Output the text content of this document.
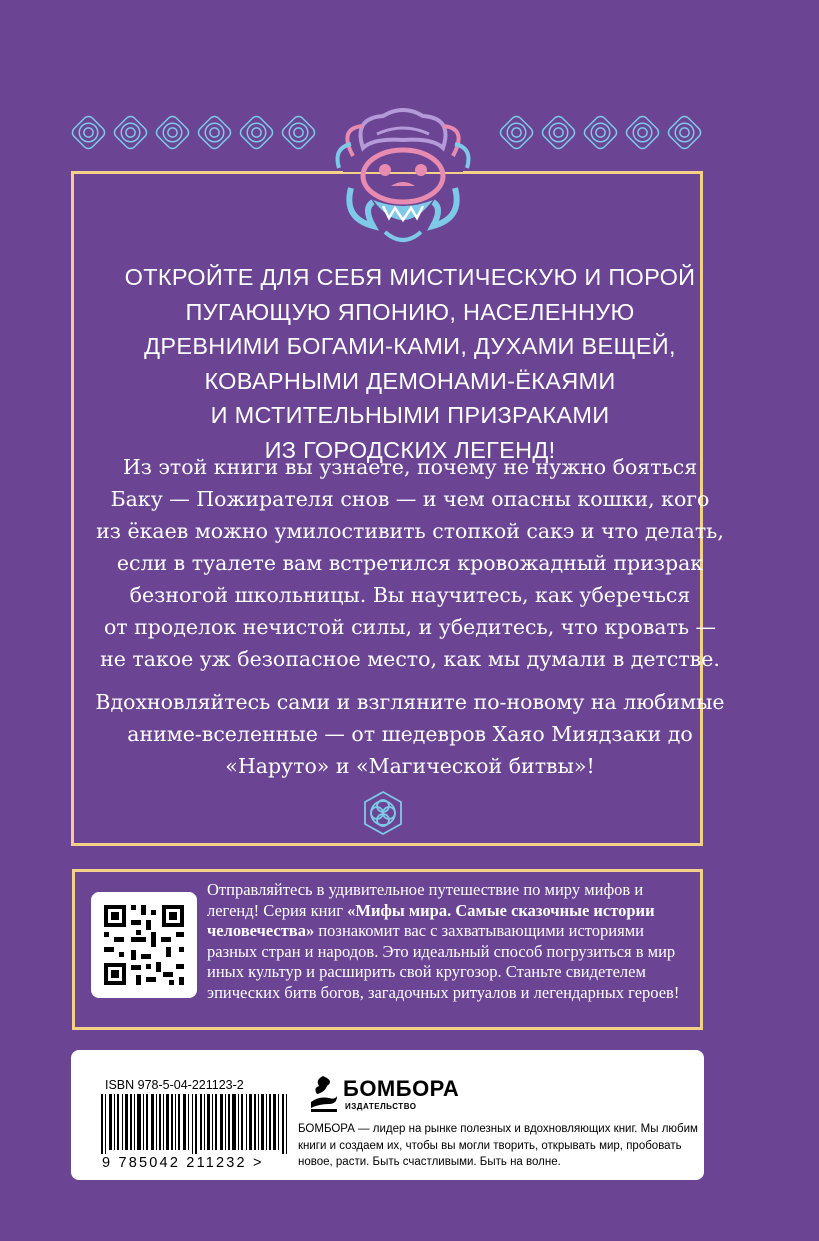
ОТКРОЙТЕ ДЛЯ СЕБЯ МИСТИЧЕСКУЮ И ПОРОЙ
ПУГАЮЩУЮ ЯПОНИЮ, НАСЕЛЕННУЮ
ДРЕВНИМИ БОГАМИ-КАМИ, ДУХАМИ ВЕЩЕЙ,
КОВАРНЫМИ ДЕМОНАМИ-ЁКАЯМИ
И МСТИТЕЛЬНЫМИ ПРИЗРАКАМИ
ИЗ ГОРОДСКИХ ЛЕГЕНД!
Из этой книги вы узнаете, почему не нужно бояться
Баку — Пожирателя снов — и чем опасны кошки, кого
из ёкаев можно умилостивить стопкой сакэ и что делать,
если в туалете вам встретился кровожадный призрак
безногой школьницы. Вы научитесь, как уберечься
от проделок нечистой силы, и убедитесь, что кровать —
не такое уж безопасное место, как мы думали в детстве.
Вдохновляйтесь сами и взгляните по-новому на любимые
аниме-вселенные — от шедевров Хаяо Миядзаки до
«Наруто» и «Магической битвы»!
Отправляйтесь в удивительное путешествие по миру мифов и легенд! Серия книг «Мифы мира. Самые сказочные истории человечества» познакомит вас с захватывающими историями разных стран и народов. Это идеальный способ погрузиться в мир иных культур и расширить свой кругозор. Станьте свидетелем эпических битв богов, загадочных ритуалов и легендарных героев!
ISBN 978-5-04-221123-2
9 785042 211232 >
БОМБОРА
ИЗДАТЕЛЬСТВО
БОМБОРА — лидер на рынке полезных и вдохновляющих книг. Мы любим книги и создаем их, чтобы вы могли творить, открывать мир, пробовать новое, расти. Быть счастливыми. Быть на волне.
